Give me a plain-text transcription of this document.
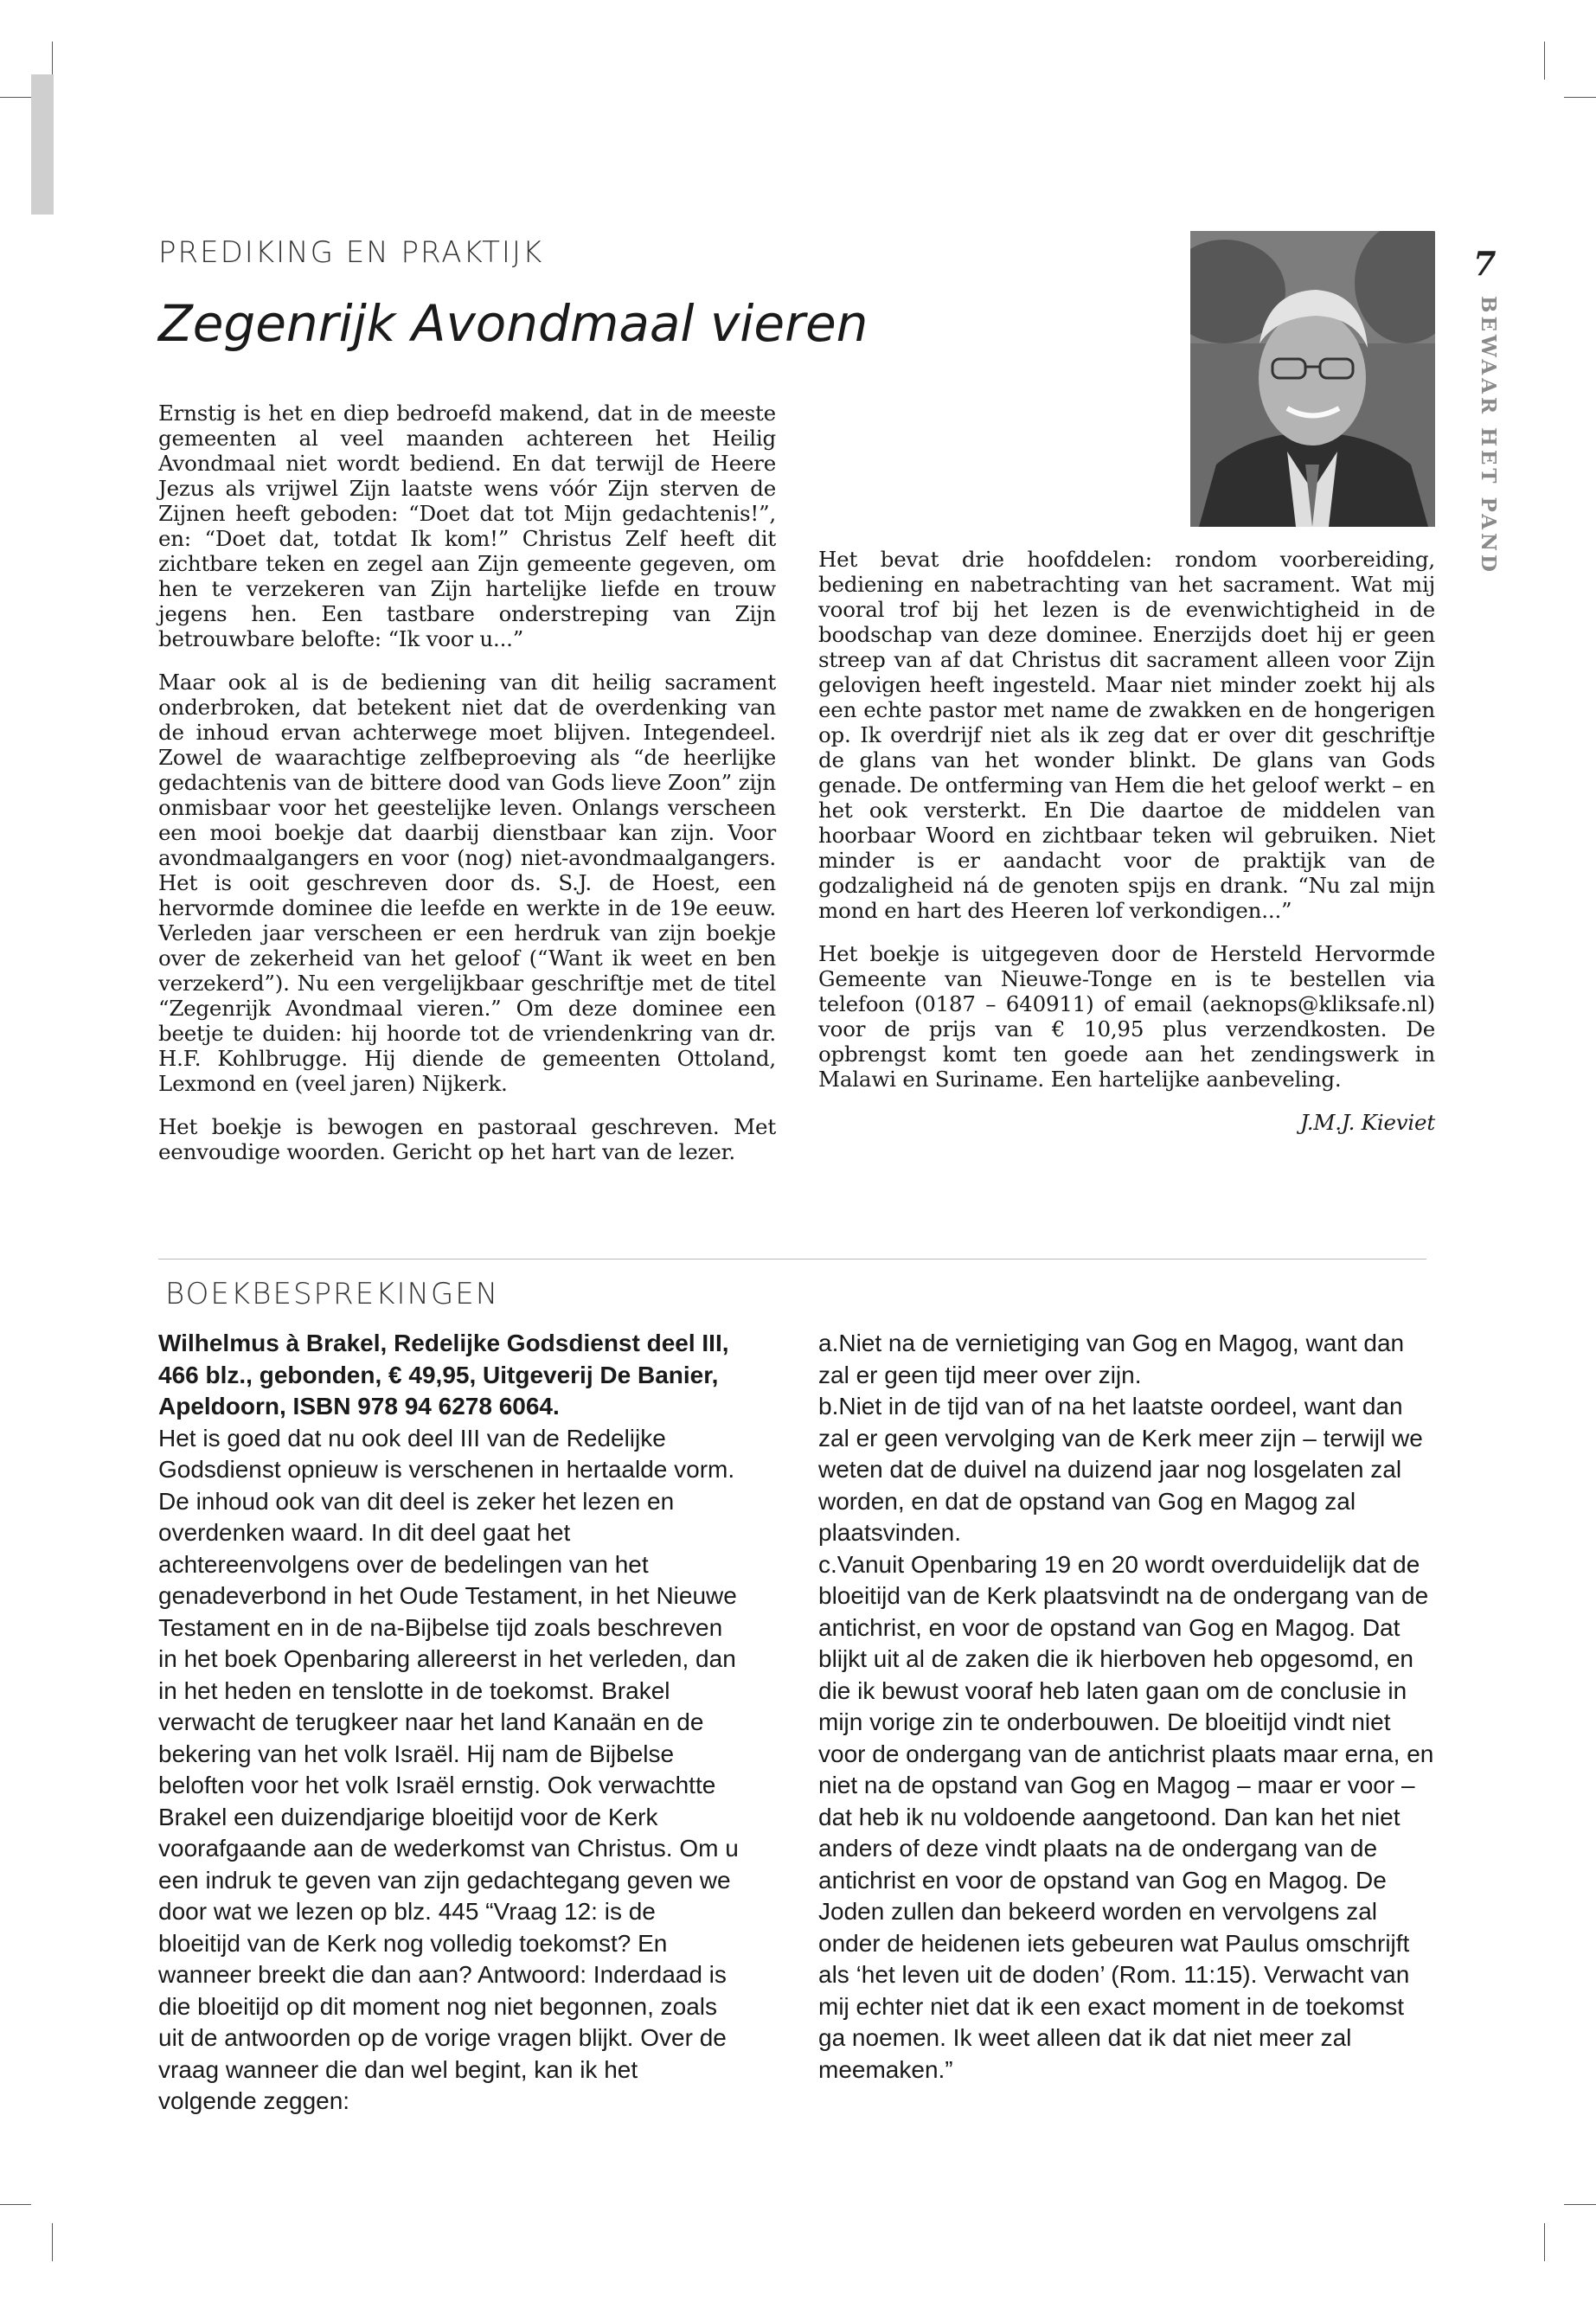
PREDIKING EN PRAKTIJK
Zegenrijk Avondmaal vieren
7
BEWAAR HET PAND

Ernstig is het en diep bedroefd makend, dat in de meeste gemeenten al veel maanden achtereen het Heilig Avondmaal niet wordt bediend. En dat terwijl de Heere Jezus als vrijwel Zijn laatste wens vóór Zijn sterven de Zijnen heeft geboden: “Doet dat tot Mijn gedachtenis!”, en: “Doet dat, totdat Ik kom!” Christus Zelf heeft dit zichtbare teken en zegel aan Zijn gemeente gegeven, om hen te verzekeren van Zijn hartelijke liefde en trouw jegens hen. Een tastbare onderstreping van Zijn betrouwbare belofte: “Ik voor u...”

Maar ook al is de bediening van dit heilig sacrament onderbroken, dat betekent niet dat de overdenking van de inhoud ervan achterwege moet blijven. Integendeel. Zowel de waarachtige zelfbeproeving als “de heerlijke gedachtenis van de bittere dood van Gods lieve Zoon” zijn onmisbaar voor het geestelijke leven. Onlangs verscheen een mooi boekje dat daarbij dienstbaar kan zijn. Voor avondmaalgangers en voor (nog) niet-avondmaalgangers. Het is ooit geschreven door ds. S.J. de Hoest, een hervormde dominee die leefde en werkte in de 19e eeuw. Verleden jaar verscheen er een herdruk van zijn boekje over de zekerheid van het geloof (“Want ik weet en ben verzekerd”). Nu een vergelijkbaar geschriftje met de titel “Zegenrijk Avondmaal vieren.” Om deze dominee een beetje te duiden: hij hoorde tot de vriendenkring van dr. H.F. Kohlbrugge. Hij diende de gemeenten Ottoland, Lexmond en (veel jaren) Nijkerk.

Het boekje is bewogen en pastoraal geschreven. Met eenvoudige woorden. Gericht op het hart van de lezer.

Het bevat drie hoofddelen: rondom voorbereiding, bediening en nabetrachting van het sacrament. Wat mij vooral trof bij het lezen is de evenwichtigheid in de boodschap van deze dominee. Enerzijds doet hij er geen streep van af dat Christus dit sacrament alleen voor Zijn gelovigen heeft ingesteld. Maar niet minder zoekt hij als een echte pastor met name de zwakken en de hongerigen op. Ik overdrijf niet als ik zeg dat er over dit geschriftje de glans van het wonder blinkt. De glans van Gods genade. De ontferming van Hem die het geloof werkt – en het ook versterkt. En Die daartoe de middelen van hoorbaar Woord en zichtbaar teken wil gebruiken. Niet minder is er aandacht voor de praktijk van de godzaligheid ná de genoten spijs en drank. “Nu zal mijn mond en hart des Heeren lof verkondigen...”

Het boekje is uitgegeven door de Hersteld Hervormde Gemeente van Nieuwe-Tonge en is te bestellen via telefoon (0187 – 640911) of email (aeknops@kliksafe.nl) voor de prijs van € 10,95 plus verzendkosten. De opbrengst komt ten goede aan het zendingswerk in Malawi en Suriname. Een hartelijke aanbeveling.

J.M.J. Kieviet

BOEKBESPREKINGEN

Wilhelmus à Brakel, Redelijke Godsdienst deel III, 466 blz., gebonden, € 49,95, Uitgeverij De Banier, Apeldoorn, ISBN 978 94 6278 6064.

Het is goed dat nu ook deel III van de Redelijke Godsdienst opnieuw is verschenen in hertaalde vorm. De inhoud ook van dit deel is zeker het lezen en overdenken waard. In dit deel gaat het achtereenvolgens over de bedelingen van het genadeverbond in het Oude Testament, in het Nieuwe Testament en in de na-Bijbelse tijd zoals beschreven in het boek Openbaring allereerst in het verleden, dan in het heden en tenslotte in de toekomst. Brakel verwacht de terugkeer naar het land Kanaän en de bekering van het volk Israël. Hij nam de Bijbelse beloften voor het volk Israël ernstig. Ook verwachtte Brakel een duizendjarige bloeitijd voor de Kerk voorafgaande aan de wederkomst van Christus. Om u een indruk te geven van zijn gedachtegang geven we door wat we lezen op blz. 445 “Vraag 12: is de bloeitijd van de Kerk nog volledig toekomst? En wanneer breekt die dan aan? Antwoord: Inderdaad is die bloeitijd op dit moment nog niet begonnen, zoals uit de antwoorden op de vorige vragen blijkt. Over de vraag wanneer die dan wel begint, kan ik het volgende zeggen:

a.Niet na de vernietiging van Gog en Magog, want dan zal er geen tijd meer over zijn.

b.Niet in de tijd van of na het laatste oordeel, want dan zal er geen vervolging van de Kerk meer zijn – terwijl we weten dat de duivel na duizend jaar nog losgelaten zal worden, en dat de opstand van Gog en Magog zal plaatsvinden.

c.Vanuit Openbaring 19 en 20 wordt overduidelijk dat de bloeitijd van de Kerk plaatsvindt na de ondergang van de antichrist, en voor de opstand van Gog en Magog. Dat blijkt uit al de zaken die ik hierboven heb opgesomd, en die ik bewust vooraf heb laten gaan om de conclusie in mijn vorige zin te onderbouwen. De bloeitijd vindt niet voor de ondergang van de antichrist plaats maar erna, en niet na de opstand van Gog en Magog – maar er voor – dat heb ik nu voldoende aangetoond. Dan kan het niet anders of deze vindt plaats na de ondergang van de antichrist en voor de opstand van Gog en Magog. De Joden zullen dan bekeerd worden en vervolgens zal onder de heidenen iets gebeuren wat Paulus omschrijft als ‘het leven uit de doden’ (Rom. 11:15). Verwacht van mij echter niet dat ik een exact moment in de toekomst ga noemen. Ik weet alleen dat ik dat niet meer zal meemaken.”
